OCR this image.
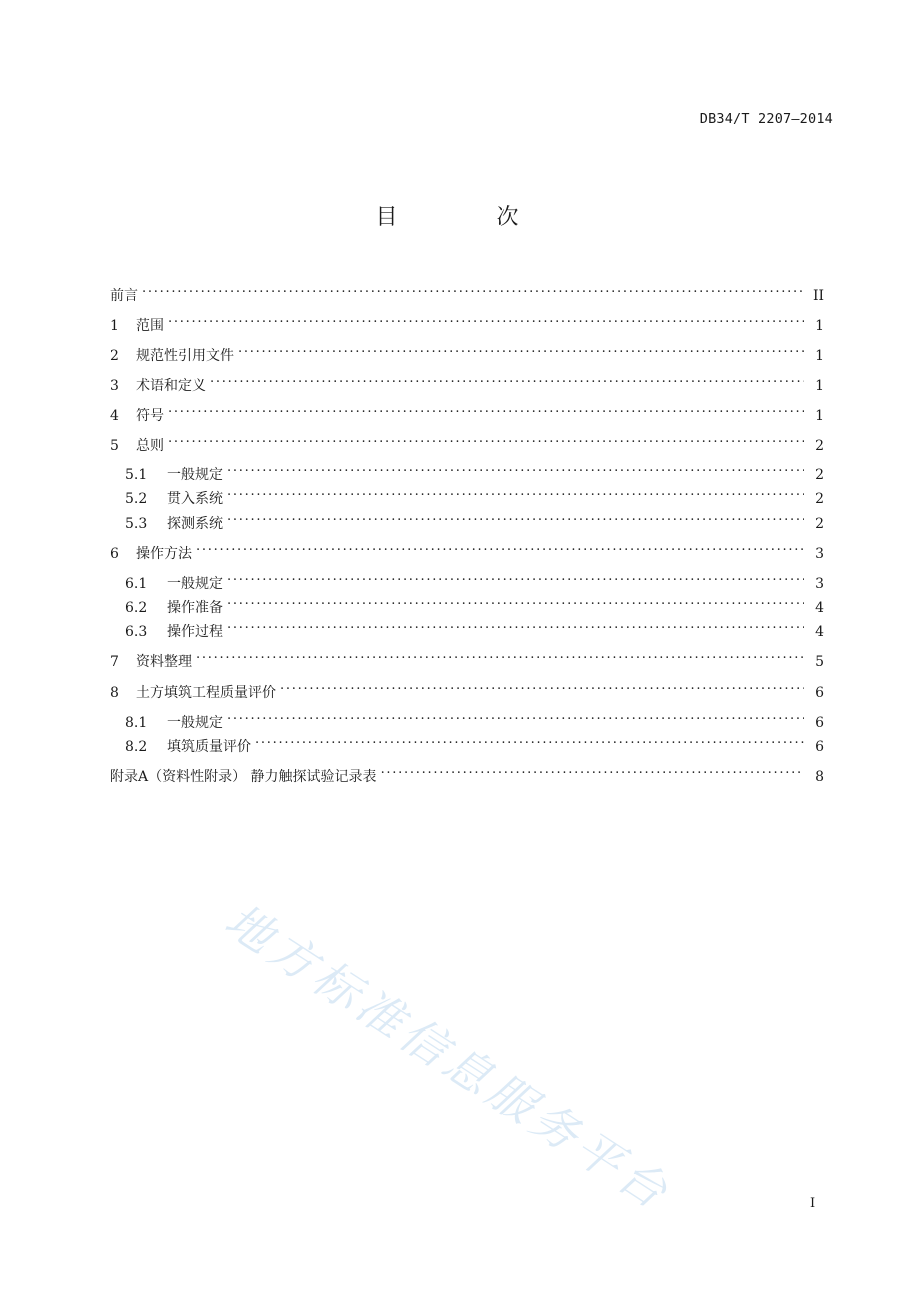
DB34/T 2207—2014
目 次
前言 . . .	II
1	范围 . . .	1
2	规范性引用文件 . . .	1
3	术语和定义 . . .	1
4	符号 . . .	1
5	总则 . . .	2
5.1	一般规定 . . .	2
5.2	贯入系统 . . .	2
5.3	探测系统 . . .	2
6	操作方法 . . .	3
6.1	一般规定 . . .	3
6.2	操作准备 . . .	4
6.3	操作过程 . . .	4
7	资料整理 . . .	5
8	土方填筑工程质量评价 . . .	6
8.1	一般规定 . . .	6
8.2	填筑质量评价 . . .	6
附录A（资料性附录） 静力触探试验记录表 . . .	8
地方标准信息服务平台	I
